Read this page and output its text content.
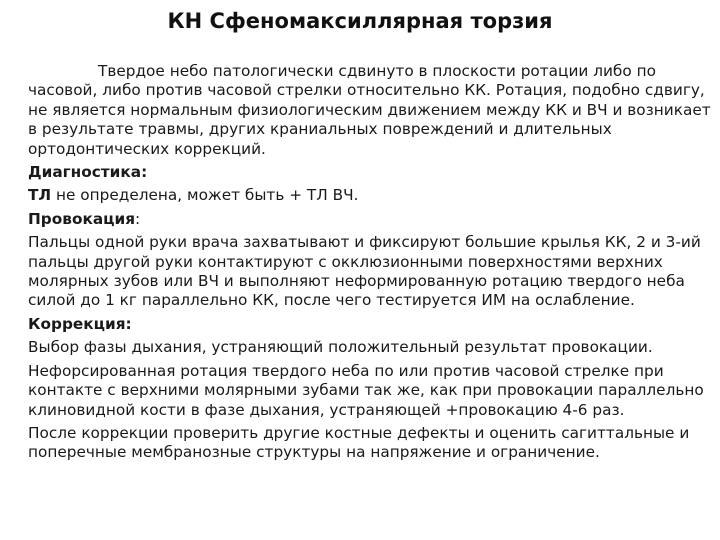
КН Сфеномаксиллярная торзия

Твердое небо патологически сдвинуто в плоскости ротации либо по часовой, либо против часовой стрелки относительно КК. Ротация, подобно сдвигу, не является нормальным физиологическим движением между КК и ВЧ и возникает в результате травмы, других краниальных повреждений и длительных ортодонтических коррекций.

Диагностика:

ТЛ не определена, может быть + ТЛ ВЧ.

Провокация:

Пальцы одной руки врача захватывают и фиксируют большие крылья КК, 2 и 3-ий пальцы другой руки контактируют с окклюзионными поверхностями верхних молярных зубов или ВЧ и выполняют неформированную ротацию твердого неба силой до 1 кг параллельно КК, после чего тестируется ИМ на ослабление.

Коррекция:

Выбор фазы дыхания, устраняющий положительный результат провокации.

Нефорсированная ротация твердого неба по или против часовой стрелке при контакте с верхними молярными зубами так же, как при провокации параллельно клиновидной кости в фазе дыхания, устраняющей +провокацию 4-6 раз.

После коррекции проверить другие костные дефекты и оценить сагиттальные и поперечные мембранозные структуры на напряжение и ограничение.
